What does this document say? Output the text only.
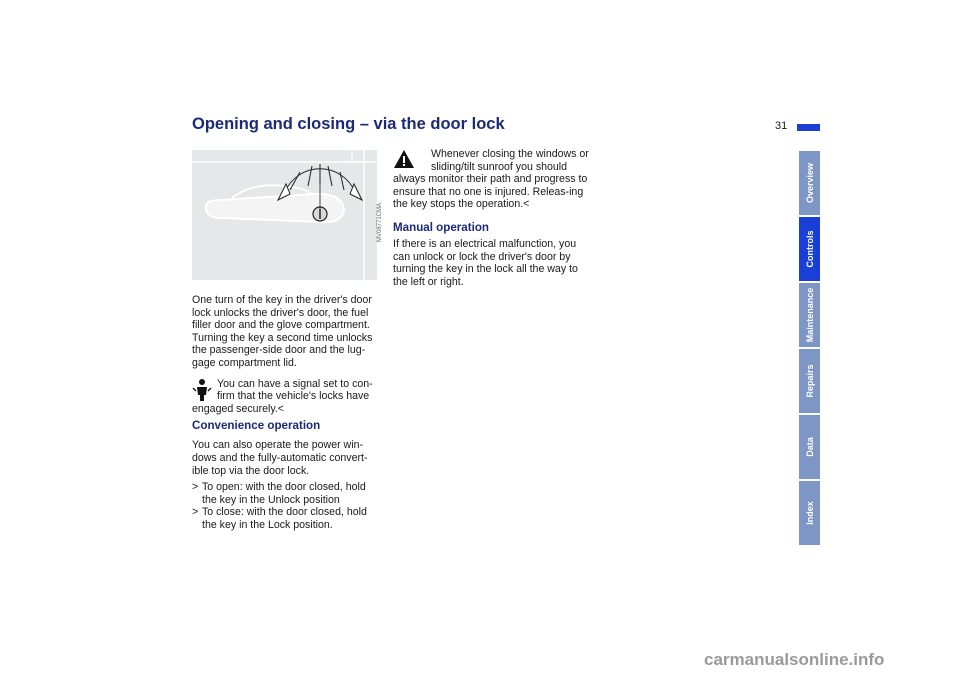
Opening and closing – via the door lock	31
Overview
Controls
Maintenance
Repairs
Data
Index
MV08771CMA

One turn of the key in the driver's door lock unlocks the driver's door, the fuel filler door and the glove compartment. Turning the key a second time unlocks the passenger-side door and the lug-gage compartment lid.

You can have a signal set to con-firm that the vehicle's locks have engaged securely.<
Convenience operation

You can also operate the power win-dows and the fully-automatic convert-ible top via the door lock.

> To open: with the door closed, hold the key in the Unlock position
> To close: with the door closed, hold the key in the Lock position.
Whenever closing the windows or sliding/tilt sunroof you should always monitor their path and progress to ensure that no one is injured. Releas-ing the key stops the operation.<
Manual operation

If there is an electrical malfunction, you can unlock or lock the driver's door by turning the key in the lock all the way to the left or right.

carmanualsonline.info
